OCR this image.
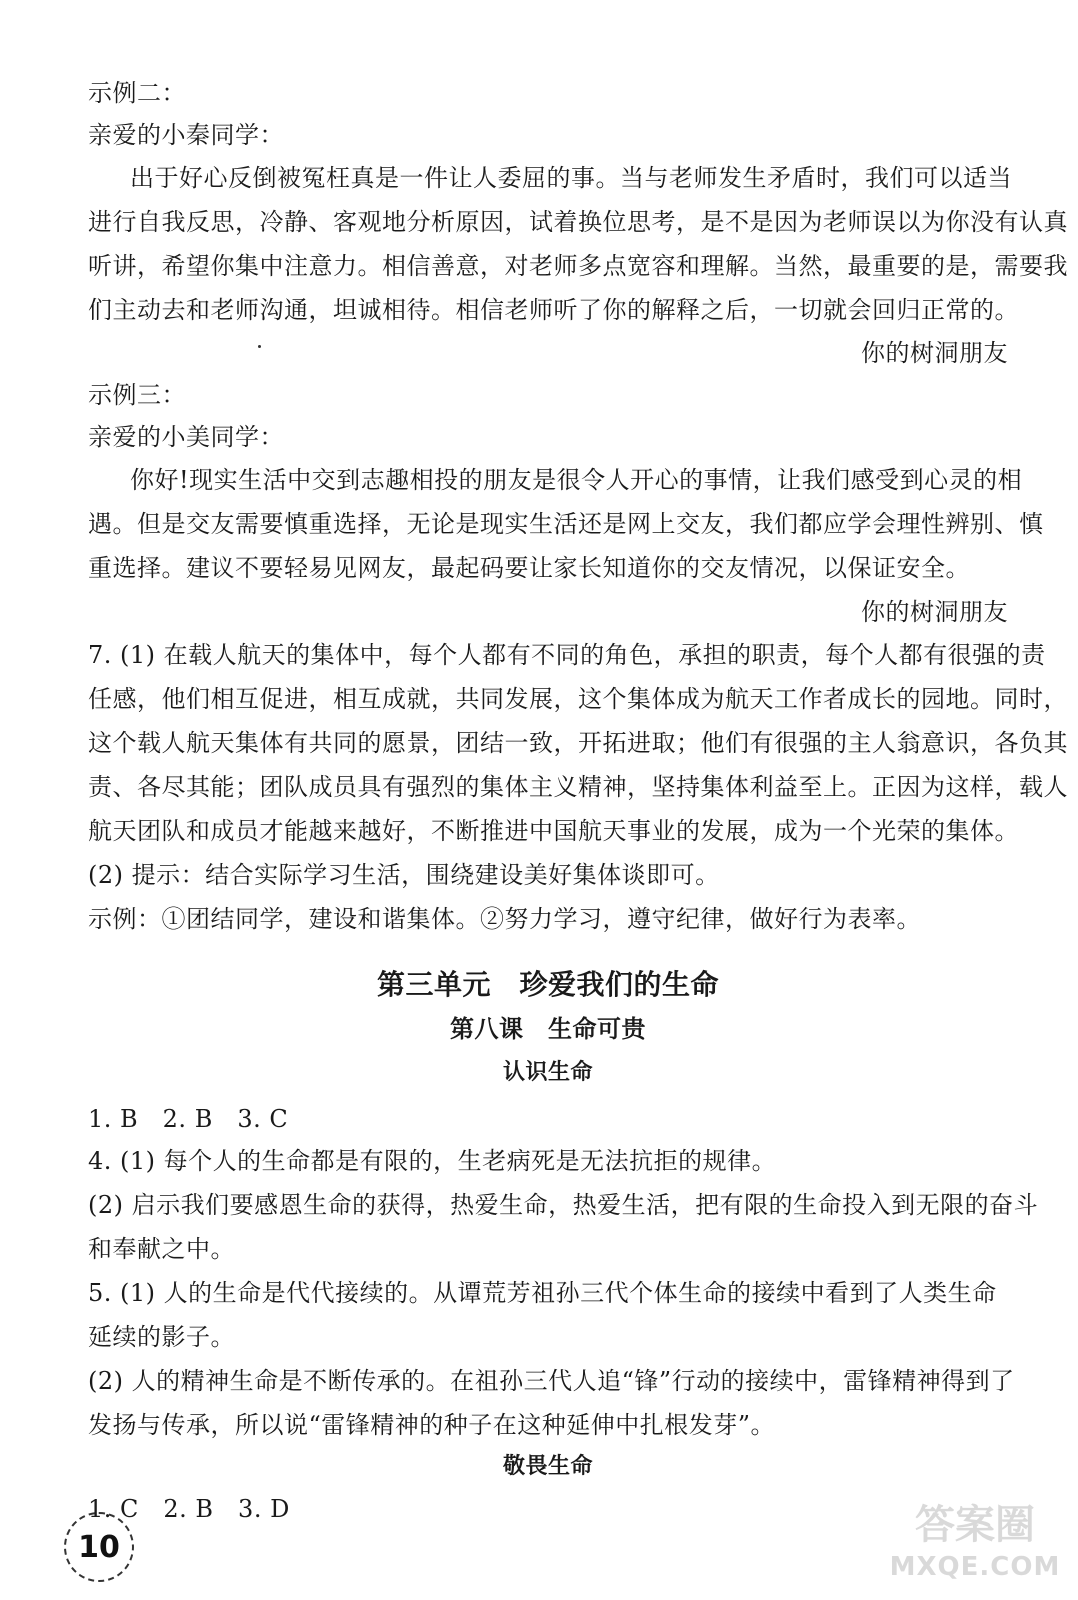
示例二：
亲爱的小秦同学：
出于好心反倒被冤枉真是一件让人委屈的事。当与老师发生矛盾时，我们可以适当
进行自我反思，冷静、客观地分析原因，试着换位思考，是不是因为老师误以为你没有认真
听讲，希望你集中注意力。相信善意，对老师多点宽容和理解。当然，最重要的是，需要我
们主动去和老师沟通，坦诚相待。相信老师听了你的解释之后，一切就会回归正常的。
你的树洞朋友
示例三：
亲爱的小美同学：
你好!现实生活中交到志趣相投的朋友是很令人开心的事情，让我们感受到心灵的相
遇。但是交友需要慎重选择，无论是现实生活还是网上交友，我们都应学会理性辨别、慎
重选择。建议不要轻易见网友，最起码要让家长知道你的交友情况，以保证安全。
你的树洞朋友
7. (1) 在载人航天的集体中，每个人都有不同的角色，承担的职责，每个人都有很强的责
任感，他们相互促进，相互成就，共同发展，这个集体成为航天工作者成长的园地。同时，
这个载人航天集体有共同的愿景，团结一致，开拓进取；他们有很强的主人翁意识，各负其
责、各尽其能；团队成员具有强烈的集体主义精神，坚持集体利益至上。正因为这样，载人
航天团队和成员才能越来越好，不断推进中国航天事业的发展，成为一个光荣的集体。
(2) 提示：结合实际学习生活，围绕建设美好集体谈即可。
示例：①团结同学，建设和谐集体。②努力学习，遵守纪律，做好行为表率。
第三单元　珍爱我们的生命
第八课　生命可贵
认识生命
1. B　2. B　3. C
4. (1) 每个人的生命都是有限的，生老病死是无法抗拒的规律。
(2) 启示我们要感恩生命的获得，热爱生命，热爱生活，把有限的生命投入到无限的奋斗
和奉献之中。
5. (1) 人的生命是代代接续的。从谭荒芳祖孙三代个体生命的接续中看到了人类生命
延续的影子。
(2) 人的精神生命是不断传承的。在祖孙三代人追“锋”行动的接续中，雷锋精神得到了
发扬与传承，所以说“雷锋精神的种子在这种延伸中扎根发芽”。
敬畏生命
1. C　2. B　3. D
10	答案圈
MXQE.COM
